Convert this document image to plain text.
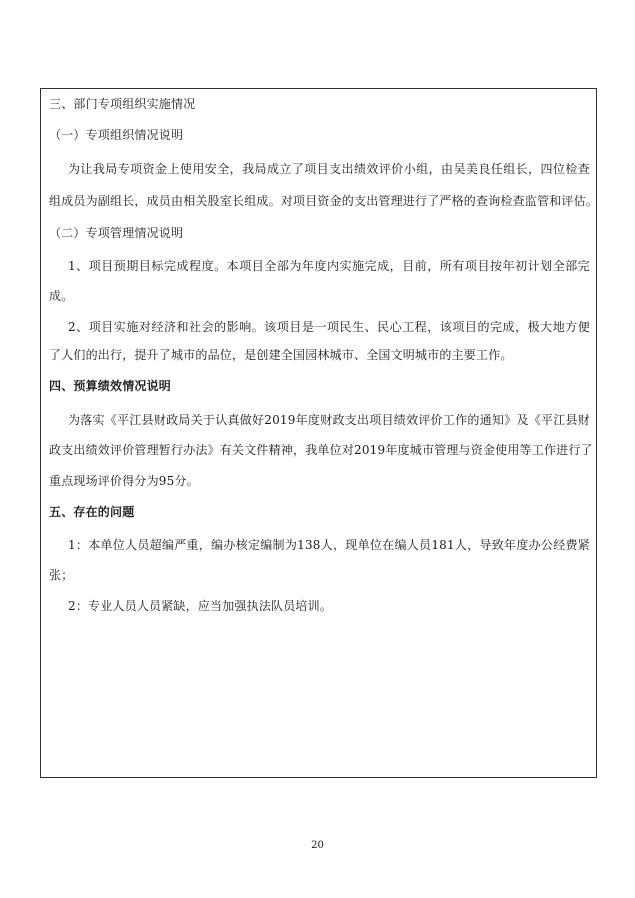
三、部门专项组织实施情况
（一）专项组织情况说明
为让我局专项资金上使用安全，我局成立了项目支出绩效评价小组，由吴美良任组长，四位检查
组成员为副组长，成员由相关股室长组成。对项目资金的支出管理进行了严格的查询检查监管和评估。
（二）专项管理情况说明
1、项目预期目标完成程度。本项目全部为年度内实施完成，目前，所有项目按年初计划全部完
成。
2、项目实施对经济和社会的影响。该项目是一项民生、民心工程，该项目的完成，极大地方便
了人们的出行，提升了城市的品位，是创建全国园林城市、全国文明城市的主要工作。
四、预算绩效情况说明
为落实《平江县财政局关于认真做好2019年度财政支出项目绩效评价工作的通知》及《平江县财
政支出绩效评价管理暂行办法》有关文件精神，我单位对2019年度城市管理与资金使用等工作进行了
重点现场评价得分为95分。
五、存在的问题
1：本单位人员超编严重，编办核定编制为138人，现单位在编人员181人，导致年度办公经费紧
张；
2：专业人员人员紧缺，应当加强执法队员培训。
20
